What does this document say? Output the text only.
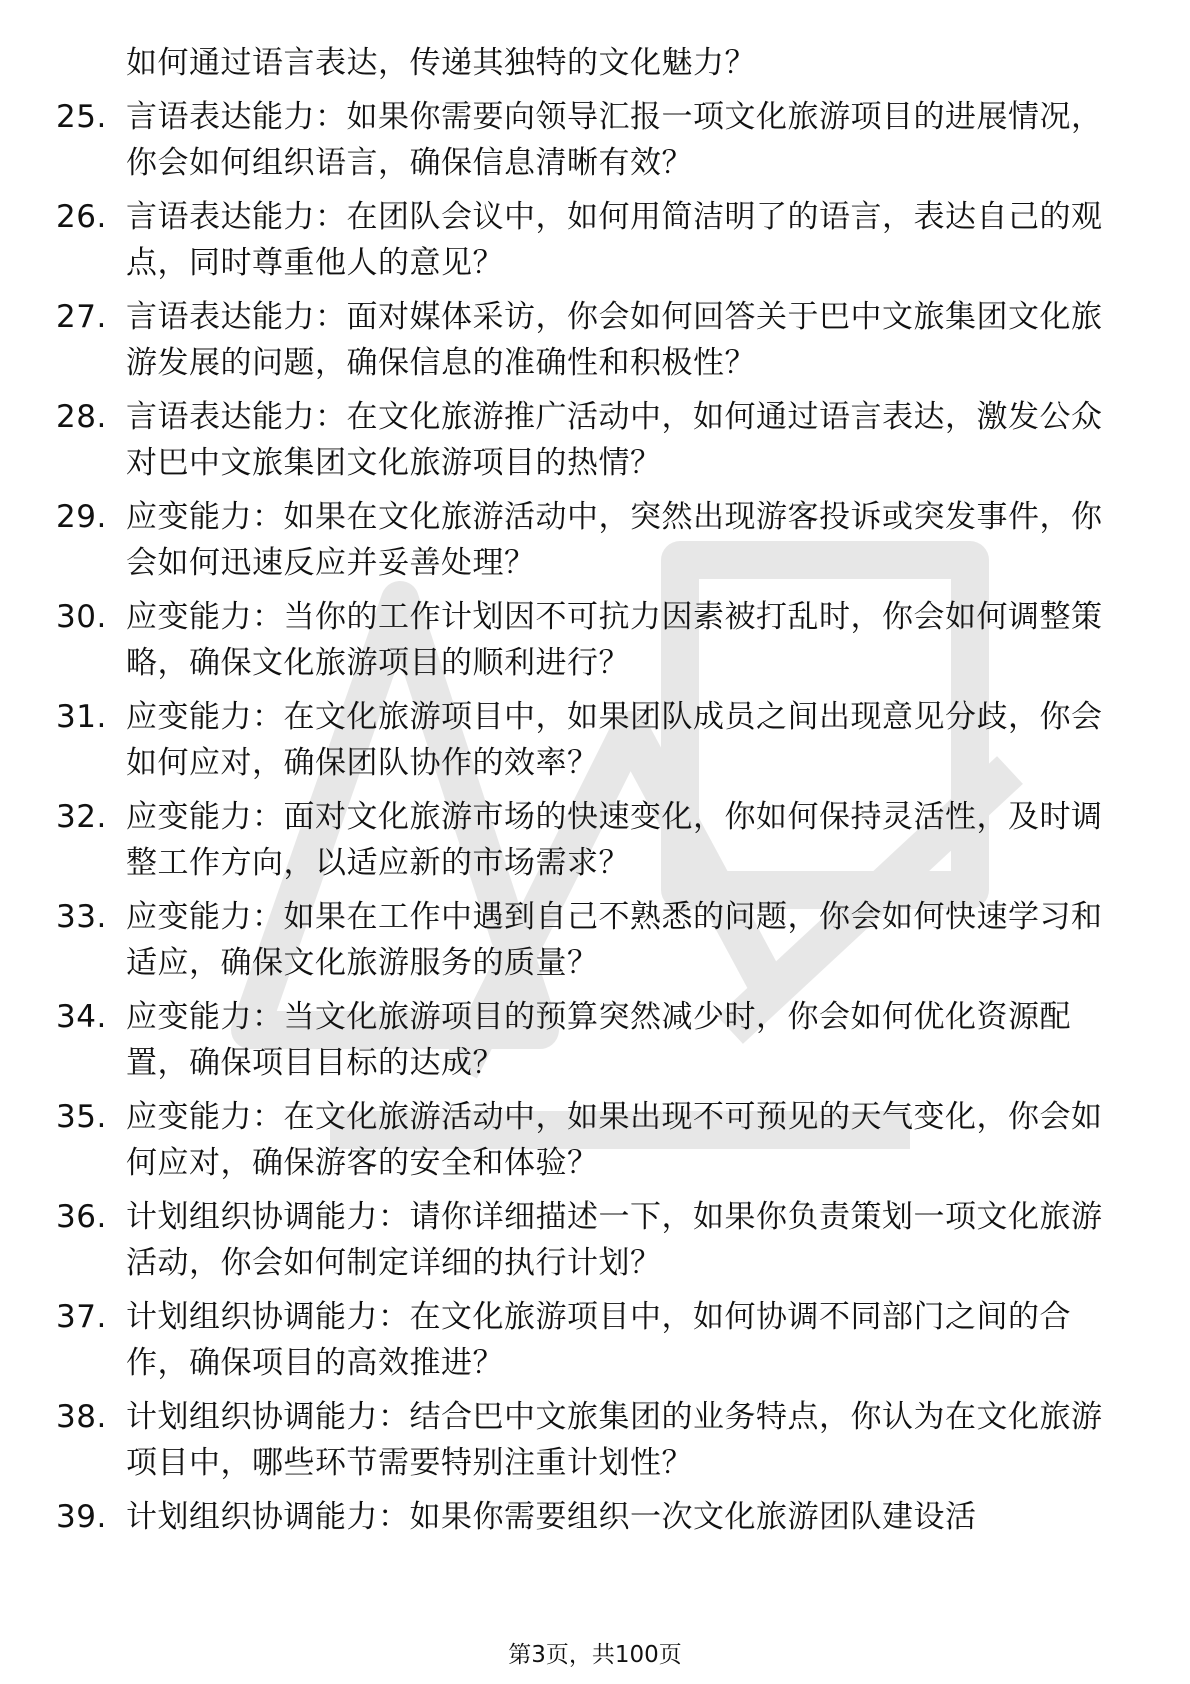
如何通过语言表达，传递其独特的文化魅力？
25. 言语表达能力：如果你需要向领导汇报一项文化旅游项目的进展情况，你会如何组织语言，确保信息清晰有效？
26. 言语表达能力：在团队会议中，如何用简洁明了的语言，表达自己的观点，同时尊重他人的意见？
27. 言语表达能力：面对媒体采访，你会如何回答关于巴中文旅集团文化旅游发展的问题，确保信息的准确性和积极性？
28. 言语表达能力：在文化旅游推广活动中，如何通过语言表达，激发公众对巴中文旅集团文化旅游项目的热情？
29. 应变能力：如果在文化旅游活动中，突然出现游客投诉或突发事件，你会如何迅速反应并妥善处理？
30. 应变能力：当你的工作计划因不可抗力因素被打乱时，你会如何调整策略，确保文化旅游项目的顺利进行？
31. 应变能力：在文化旅游项目中，如果团队成员之间出现意见分歧，你会如何应对，确保团队协作的效率？
32. 应变能力：面对文化旅游市场的快速变化，你如何保持灵活性，及时调整工作方向，以适应新的市场需求？
33. 应变能力：如果在工作中遇到自己不熟悉的问题，你会如何快速学习和适应，确保文化旅游服务的质量？
34. 应变能力：当文化旅游项目的预算突然减少时，你会如何优化资源配置，确保项目目标的达成？
35. 应变能力：在文化旅游活动中，如果出现不可预见的天气变化，你会如何应对，确保游客的安全和体验？
36. 计划组织协调能力：请你详细描述一下，如果你负责策划一项文化旅游活动，你会如何制定详细的执行计划？
37. 计划组织协调能力：在文化旅游项目中，如何协调不同部门之间的合作，确保项目的高效推进？
38. 计划组织协调能力：结合巴中文旅集团的业务特点，你认为在文化旅游项目中，哪些环节需要特别注重计划性？
39. 计划组织协调能力：如果你需要组织一次文化旅游团队建设活
第3页，共100页
